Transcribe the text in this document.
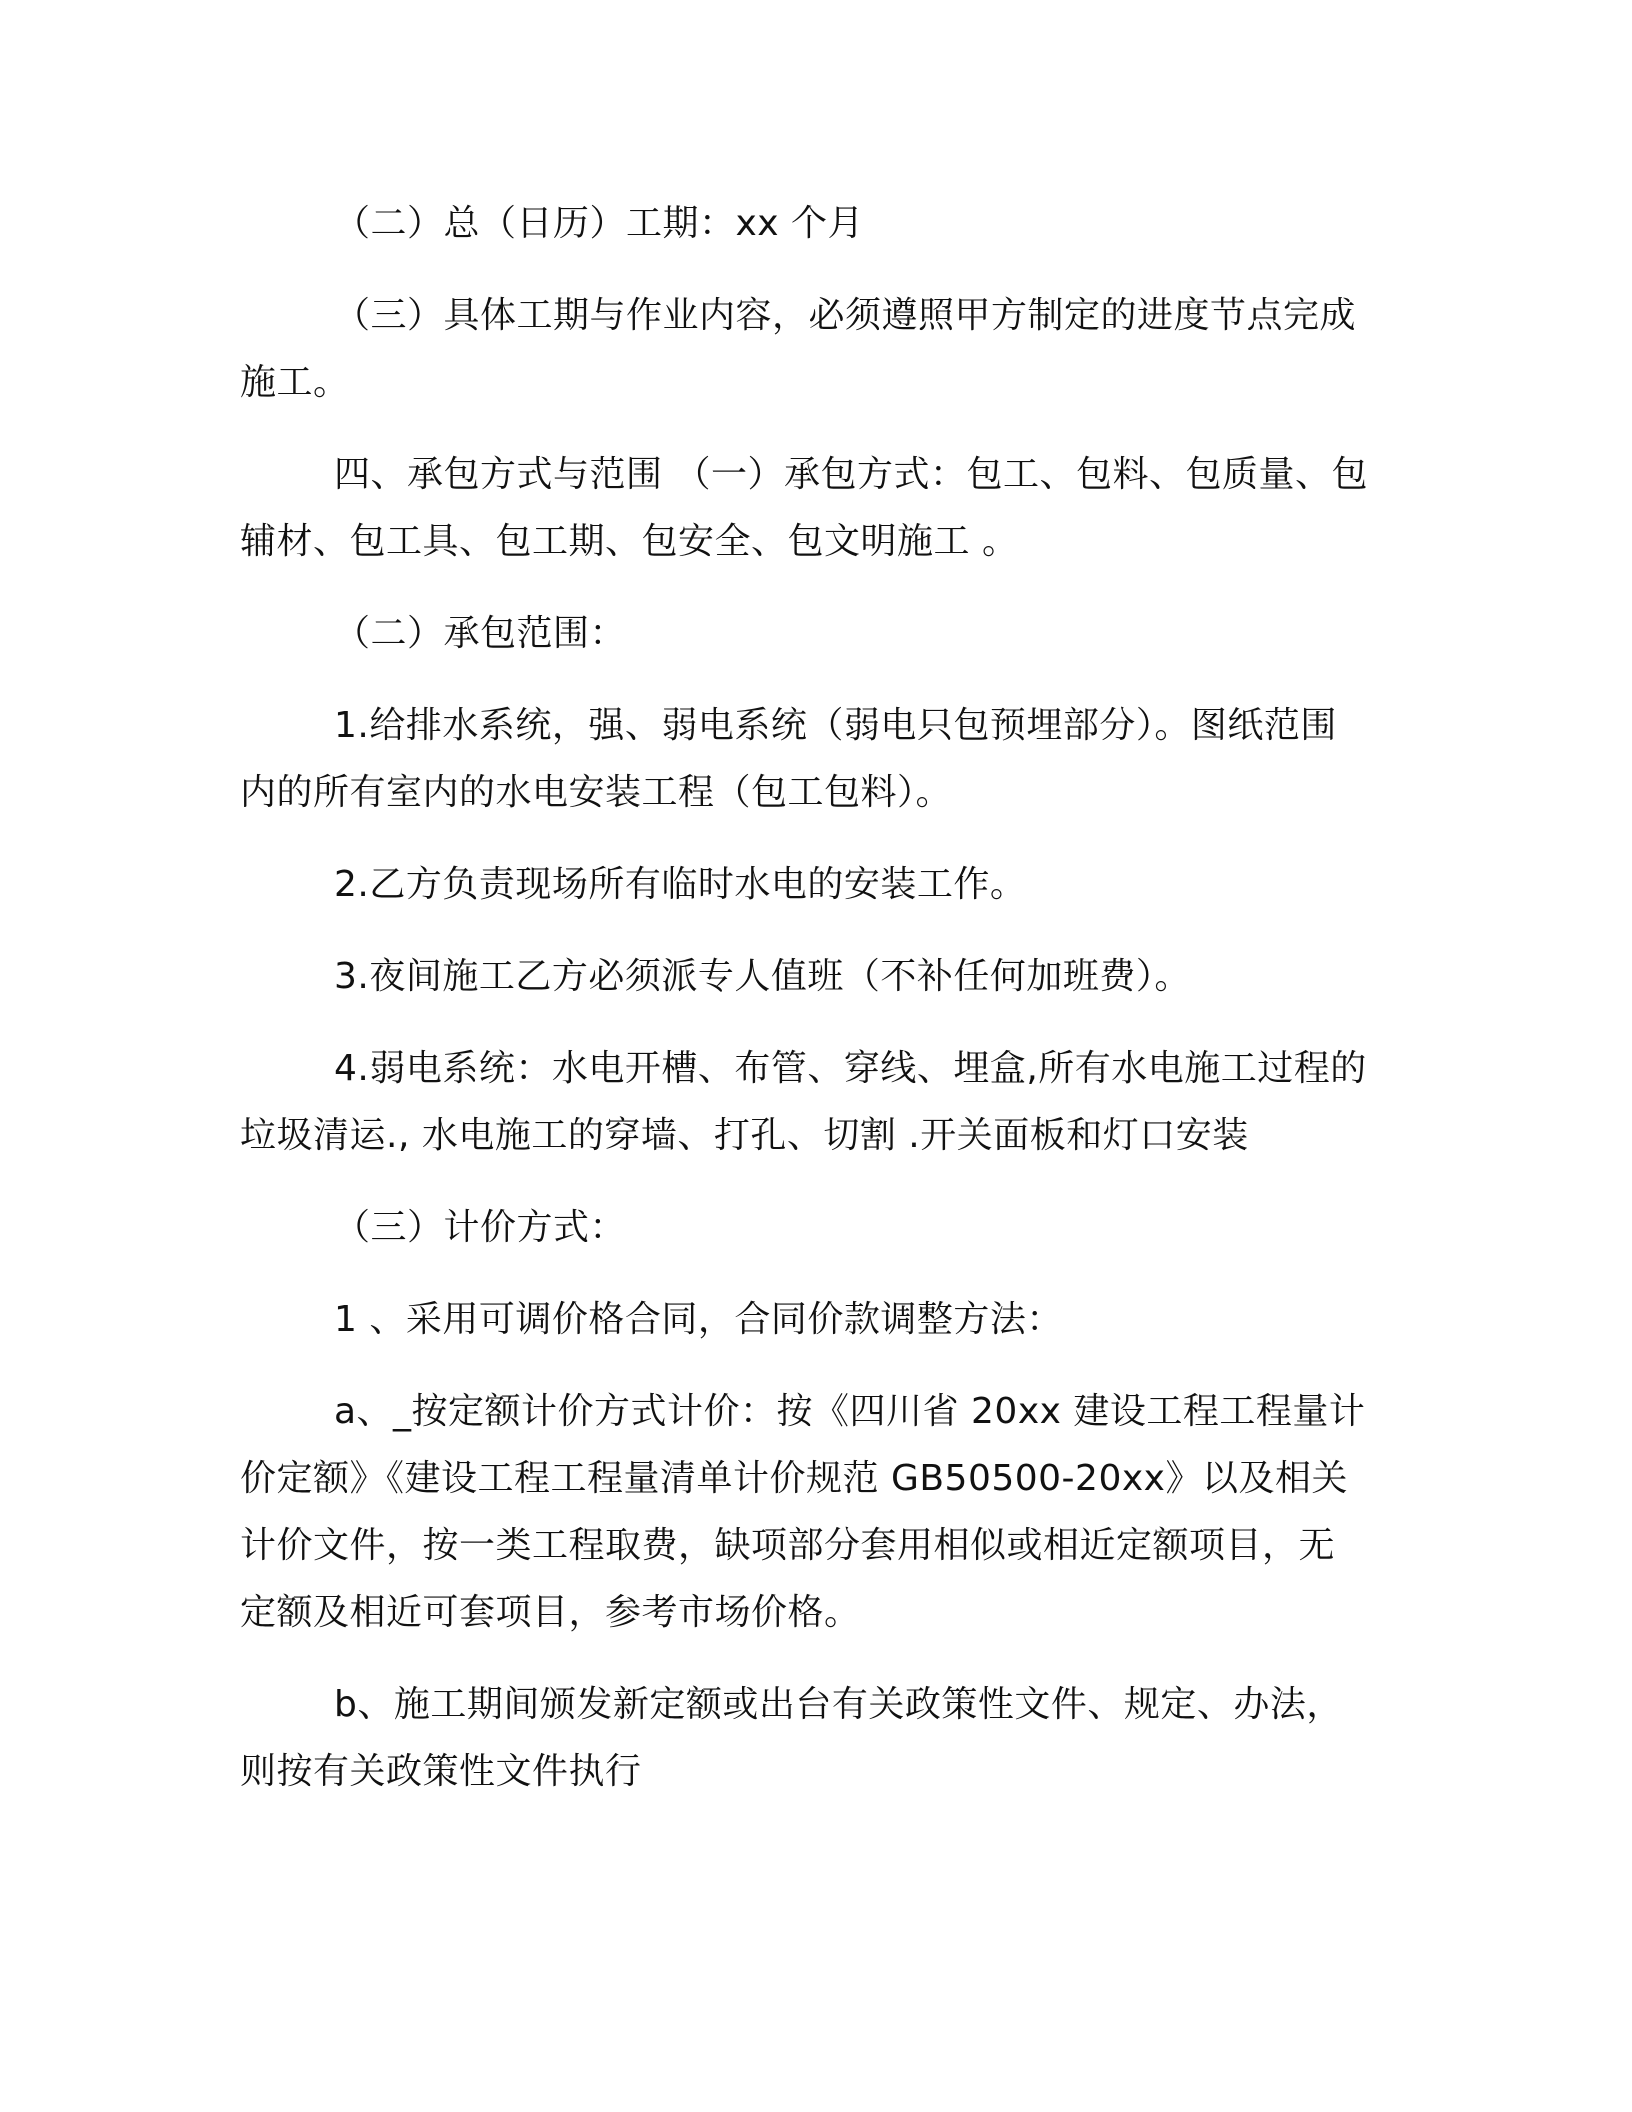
（二）总（日历）工期：xx 个月

（三）具体工期与作业内容，必须遵照甲方制定的进度节点完成
施工。

四、承包方式与范围 （一）承包方式：包工、包料、包质量、包
辅材、包工具、包工期、包安全、包文明施工 。

（二）承包范围：

1.给排水系统，强、弱电系统（弱电只包预埋部分）。图纸范围
内的所有室内的水电安装工程（包工包料）。

2.乙方负责现场所有临时水电的安装工作。

3.夜间施工乙方必须派专人值班（不补任何加班费）。

4.弱电系统：水电开槽、布管、穿线、埋盒,所有水电施工过程的
垃圾清运., 水电施工的穿墙、打孔、切割 .开关面板和灯口安装

（三）计价方式：

1 、采用可调价格合同，合同价款调整方法：

a、_按定额计价方式计价：按《四川省 20xx 建设工程工程量计
价定额》《建设工程工程量清单计价规范 GB50500-20xx》以及相关
计价文件，按一类工程取费，缺项部分套用相似或相近定额项目，无
定额及相近可套项目，参考市场价格。

b、施工期间颁发新定额或出台有关政策性文件、规定、办法，
则按有关政策性文件执行
